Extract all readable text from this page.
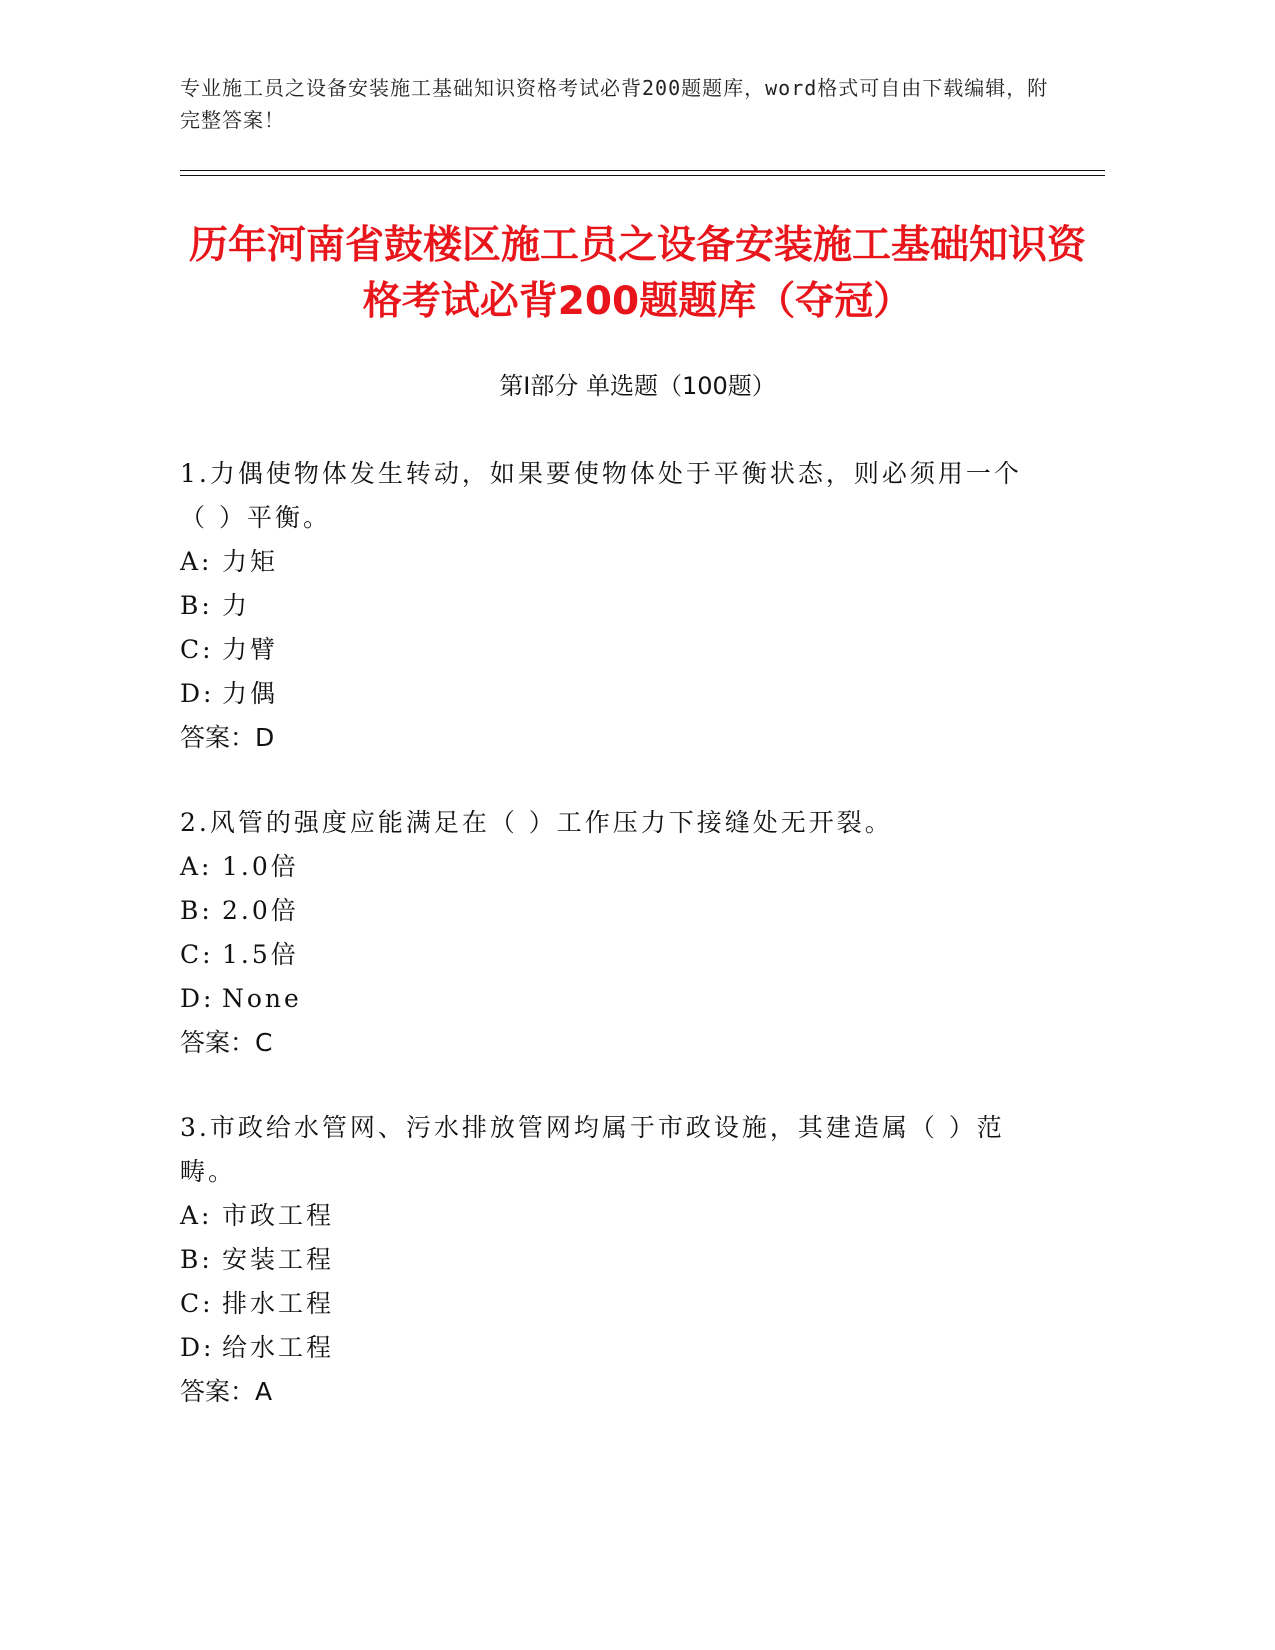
专业施工员之设备安装施工基础知识资格考试必背200题题库，word格式可自由下载编辑，附完整答案！
历年河南省鼓楼区施工员之设备安装施工基础知识资格考试必背200题题库（夺冠）
第I部分 单选题（100题）
1.力偶使物体发生转动，如果要使物体处于平衡状态，则必须用一个（ ）平衡。
A: 力矩
B: 力
C: 力臂
D: 力偶
答案：D
2.风管的强度应能满足在（ ）工作压力下接缝处无开裂。
A: 1.0倍
B: 2.0倍
C: 1.5倍
D: None
答案：C
3.市政给水管网、污水排放管网均属于市政设施，其建造属（ ）范畴。
A: 市政工程
B: 安装工程
C: 排水工程
D: 给水工程
答案：A
